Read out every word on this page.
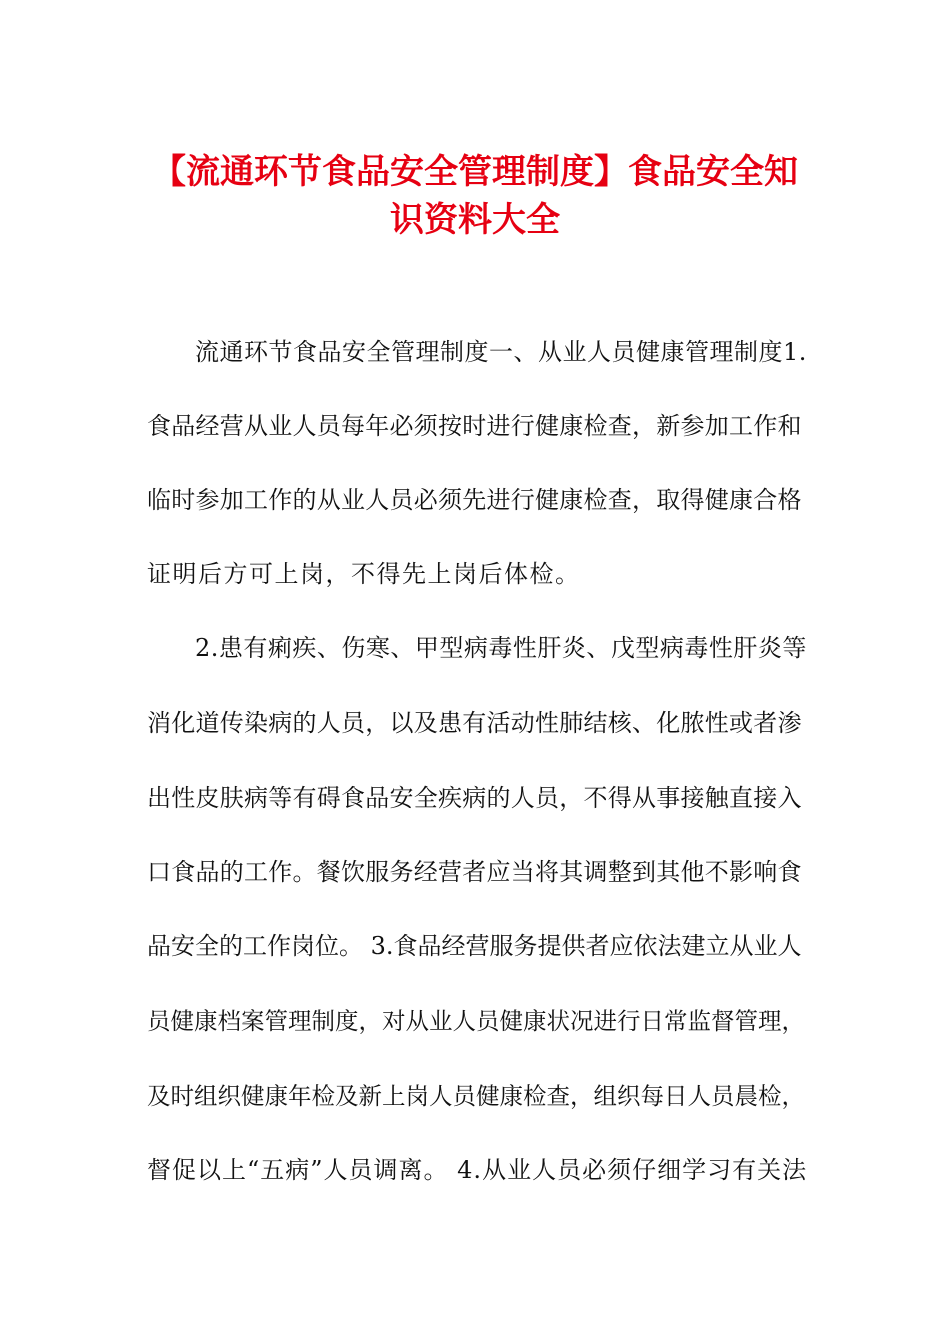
【流通环节食品安全管理制度】食品安全知
识资料大全
流通环节食品安全管理制度一、从业人员健康管理制度1.
食品经营从业人员每年必须按时进行健康检查，新参加工作和
临时参加工作的从业人员必须先进行健康检查，取得健康合格
证明后方可上岗，不得先上岗后体检。
2.患有痢疾、伤寒、甲型病毒性肝炎、戊型病毒性肝炎等
消化道传染病的人员，以及患有活动性肺结核、化脓性或者渗
出性皮肤病等有碍食品安全疾病的人员，不得从事接触直接入
口食品的工作。餐饮服务经营者应当将其调整到其他不影响食
品安全的工作岗位。 3.食品经营服务提供者应依法建立从业人
员健康档案管理制度，对从业人员健康状况进行日常监督管理，
及时组织健康年检及新上岗人员健康检查，组织每日人员晨检，
督促以上“五病”人员调离。 4.从业人员必须仔细学习有关法
